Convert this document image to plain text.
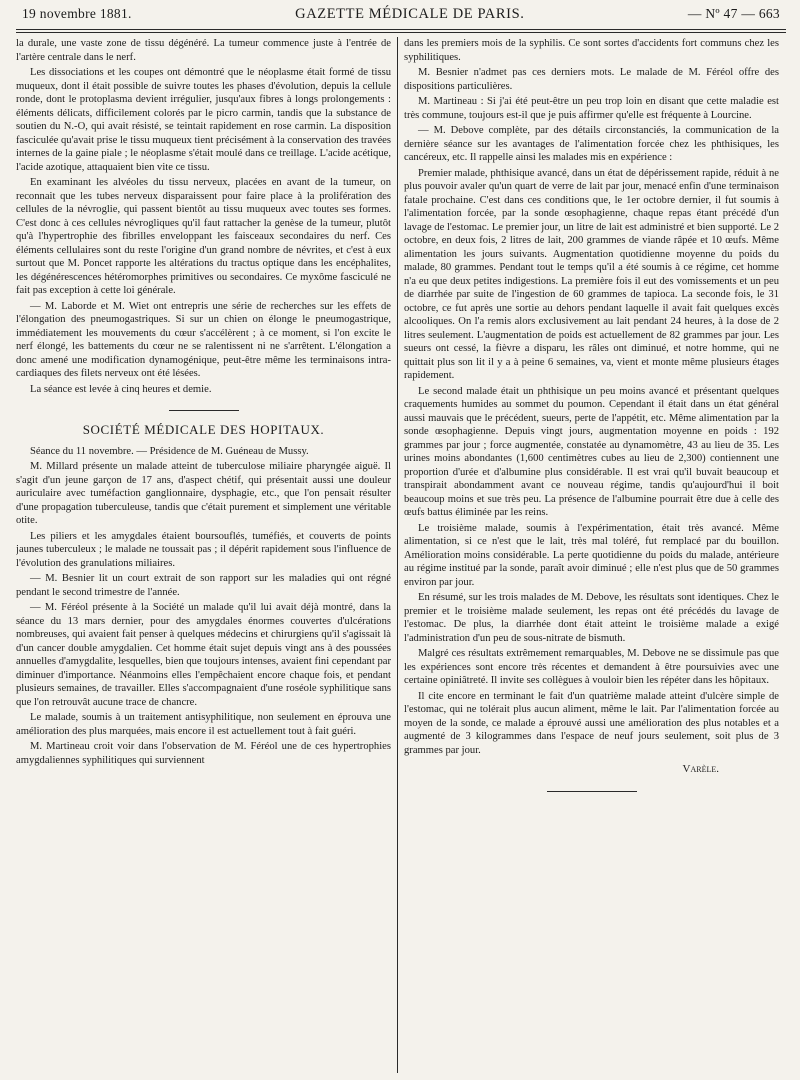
19 novembre 1881.	GAZETTE MÉDICALE DE PARIS.	— Nº 47 — 663

la durale, une vaste zone de tissu dégénéré. La tumeur commence juste à l'entrée de l'artère centrale dans le nerf.

Les dissociations et les coupes ont démontré que le néoplasme était formé de tissu muqueux, dont il était possible de suivre toutes les phases d'évolution, depuis la cellule ronde, dont le protoplasma devient irrégulier, jusqu'aux fibres à longs prolongements : éléments délicats, difficilement colorés par le picro carmin, tandis que la substance de soutien du N.-O, qui avait résisté, se teintait rapidement en rose carmin. La disposition fasciculée qu'avait prise le tissu muqueux tient précisément à la conservation des travées internes de la gaine piale ; le néoplasme s'était moulé dans ce treillage. L'acide acétique, l'acide azotique, attaquaient bien vite ce tissu.

En examinant les alvéoles du tissu nerveux, placées en avant de la tumeur, on reconnait que les tubes nerveux disparaissent pour faire place à la prolifération des cellules de la névroglie, qui passent bientôt au tissu muqueux avec toutes ses formes. C'est donc à ces cellules névrogliques qu'il faut rattacher la genèse de la tumeur, plutôt qu'à l'hypertrophie des fibrilles enveloppant les faisceaux secondaires du nerf. Ces éléments cellulaires sont du reste l'origine d'un grand nombre de névrites, et c'est à eux surtout que M. Poncet rapporte les altérations du tractus optique dans les encéphalites, les dégénérescences hétéromorphes primitives ou secondaires. Ce myxôme fasciculé ne fait pas exception à cette loi générale.

— M. Laborde et M. Wiet ont entrepris une série de recherches sur les effets de l'élongation des pneumogastriques. Si sur un chien on élonge le pneumogastrique, immédiatement les mouvements du cœur s'accélèrent ; à ce moment, si l'on excite le nerf élongé, les battements du cœur ne se ralentissent ni ne s'arrêtent. L'élongation a donc amené une modification dynamogénique, peut-être même les terminaisons intra-cardiaques des filets nerveux ont été lésées.

La séance est levée à cinq heures et demie.

SOCIÉTÉ MÉDICALE DES HOPITAUX.

Séance du 11 novembre. — Présidence de M. Guéneau de Mussy.

M. Millard présente un malade atteint de tuberculose miliaire pharyngée aiguë. Il s'agit d'un jeune garçon de 17 ans, d'aspect chétif, qui présentait aussi une douleur auriculaire avec tuméfaction ganglionnaire, dysphagie, etc., que l'on pensait résulter d'une propagation tuberculeuse, tandis que c'était purement et simplement une véritable otite.

Les piliers et les amygdales étaient boursouflés, tuméfiés, et couverts de points jaunes tuberculeux ; le malade ne toussait pas ; il dépérit rapidement sous l'influence de l'évolution des granulations miliaires.

— M. Besnier lit un court extrait de son rapport sur les maladies qui ont régné pendant le second trimestre de l'année.

— M. Féréol présente à la Société un malade qu'il lui avait déjà montré, dans la séance du 13 mars dernier, pour des amygdales énormes couvertes d'ulcérations nombreuses, qui avaient fait penser à quelques médecins et chirurgiens qu'il s'agissait là d'un cancer double amygdalien. Cet homme était sujet depuis vingt ans à des poussées annuelles d'amygdalite, lesquelles, bien que toujours intenses, avaient fini cependant par diminuer d'importance. Néanmoins elles l'empêchaient encore chaque fois, et pendant plusieurs semaines, de travailler. Elles s'accompagnaient d'une roséole syphilitique sans que l'on retrouvât aucune trace de chancre.

Le malade, soumis à un traitement antisyphilitique, non seulement en éprouva une amélioration des plus marquées, mais encore il est actuellement tout à fait guéri.

M. Martineau croit voir dans l'observation de M. Féréol une de ces hypertrophies amygdaliennes syphilitiques qui surviennent

dans les premiers mois de la syphilis. Ce sont sortes d'accidents fort communs chez les syphilitiques.

M. Besnier n'admet pas ces derniers mots. Le malade de M. Féréol offre des dispositions particulières.

M. Martineau : Si j'ai été peut-être un peu trop loin en disant que cette maladie est très commune, toujours est-il que je puis affirmer qu'elle est fréquente à Lourcine.

— M. Debove complète, par des détails circonstanciés, la communication de la dernière séance sur les avantages de l'alimentation forcée chez les phthisiques, les cancéreux, etc. Il rappelle ainsi les malades mis en expérience :

Premier malade, phthisique avancé, dans un état de dépérissement rapide, réduit à ne plus pouvoir avaler qu'un quart de verre de lait par jour, menacé enfin d'une terminaison fatale prochaine. C'est dans ces conditions que, le 1er octobre dernier, il fut soumis à l'alimentation forcée, par la sonde œsophagienne, chaque repas étant précédé d'un lavage de l'estomac. Le premier jour, un litre de lait est administré et bien supporté. Le 2 octobre, en deux fois, 2 litres de lait, 200 grammes de viande râpée et 10 œufs. Même alimentation les jours suivants. Augmentation quotidienne moyenne du poids du malade, 80 grammes. Pendant tout le temps qu'il a été soumis à ce régime, cet homme n'a eu que deux petites indigestions. La première fois il eut des vomissements et un peu de diarrhée par suite de l'ingestion de 60 grammes de tapioca. La seconde fois, le 31 octobre, ce fut après une sortie au dehors pendant laquelle il avait fait quelques excès alcooliques. On l'a remis alors exclusivement au lait pendant 24 heures, à la dose de 2 litres seulement. L'augmentation de poids est actuellement de 82 grammes par jour. Les sueurs ont cessé, la fièvre a disparu, les râles ont diminué, et notre homme, qui ne quittait plus son lit il y a à peine 6 semaines, va, vient et monte même plusieurs étages rapidement.

Le second malade était un phthisique un peu moins avancé et présentant quelques craquements humides au sommet du poumon. Cependant il était dans un état général aussi mauvais que le précédent, sueurs, perte de l'appétit, etc. Même alimentation par la sonde œsophagienne. Depuis vingt jours, augmentation moyenne en poids : 192 grammes par jour ; force augmentée, constatée au dynamomètre, 43 au lieu de 35. Les urines moins abondantes (1,600 centimètres cubes au lieu de 2,300) contiennent une proportion d'urée et d'albumine plus considérable. Il est vrai qu'il buvait beaucoup et transpirait abondamment avant ce nouveau régime, tandis qu'aujourd'hui il boit beaucoup moins et sue très peu. La présence de l'albumine pourrait être due à celle des œufs battus éliminée par les reins.

Le troisième malade, soumis à l'expérimentation, était très avancé. Même alimentation, si ce n'est que le lait, très mal toléré, fut remplacé par du bouillon. Amélioration moins considérable. La perte quotidienne du poids du malade, antérieure au régime institué par la sonde, paraît avoir diminué ; elle n'est plus que de 50 grammes environ par jour.

En résumé, sur les trois malades de M. Debove, les résultats sont identiques. Chez le premier et le troisième malade seulement, les repas ont été précédés du lavage de l'estomac. De plus, la diarrhée dont était atteint le troisième malade a exigé l'administration d'un peu de sous-nitrate de bismuth.

Malgré ces résultats extrêmement remarquables, M. Debove ne se dissimule pas que les expériences sont encore très récentes et demandent à être poursuivies avec une certaine opiniâtreté. Il invite ses collègues à vouloir bien les répéter dans les hôpitaux.

Il cite encore en terminant le fait d'un quatrième malade atteint d'ulcère simple de l'estomac, qui ne tolérait plus aucun aliment, même le lait. Par l'alimentation forcée au moyen de la sonde, ce malade a éprouvé aussi une amélioration des plus notables et a augmenté de 3 kilogrammes dans l'espace de neuf jours seulement, soit plus de 3 grammes par jour.

Varèle.
